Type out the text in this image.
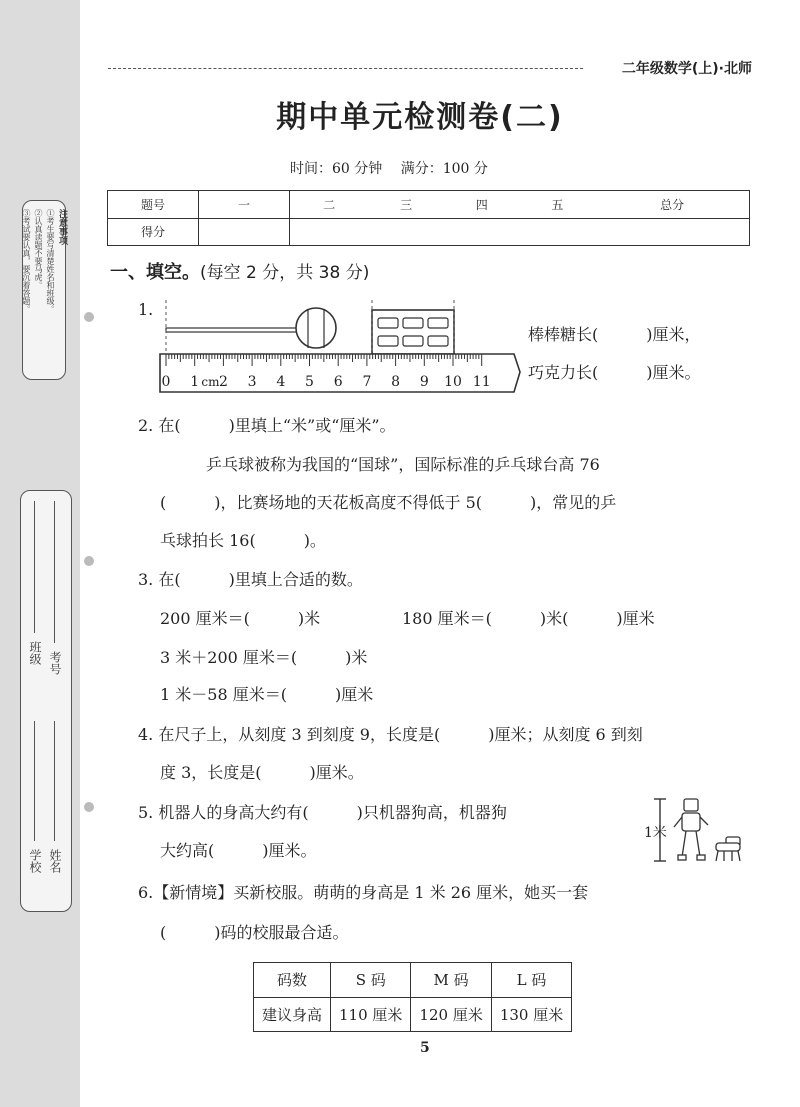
注意事项
①考生要写清楚姓名和班级。
②认真读题不要马虎。
③考试要认真，要沉着答题。
学校 姓名
班级 考号
二年级数学(上)·北师
期中单元检测卷(二)
时间：60 分钟 满分：100 分
题号	一	二	三	四	五	总分
得分						
一、填空。(每空 2 分，共 38 分)
1.
0 1 cm 2 3 4 5 6 7 8 9 10 11
棒棒糖长(　　　)厘米，
巧克力长(　　　)厘米。
2. 在(　　　)里填上“米”或“厘米”。
乒乓球被称为我国的“国球”，国际标准的乒乓球台高 76
(　　　)，比赛场地的天花板高度不得低于 5(　　　)，常见的乒
乓球拍长 16(　　　)。
3. 在(　　　)里填上合适的数。
200 厘米＝(　　　)米	180 厘米＝(　　　)米(　　　)厘米
3 米＋200 厘米＝(　　　)米
1 米－58 厘米＝(　　　)厘米
4. 在尺子上，从刻度 3 到刻度 9，长度是(　　　)厘米；从刻度 6 到刻
度 3，长度是(　　　)厘米。
5. 机器人的身高大约有(　　　)只机器狗高，机器狗
大约高(　　　)厘米。
1米
6.【新情境】买新校服。萌萌的身高是 1 米 26 厘米，她买一套
(　　　)码的校服最合适。
码数	S 码	M 码	L 码
建议身高	110 厘米	120 厘米	130 厘米
5
